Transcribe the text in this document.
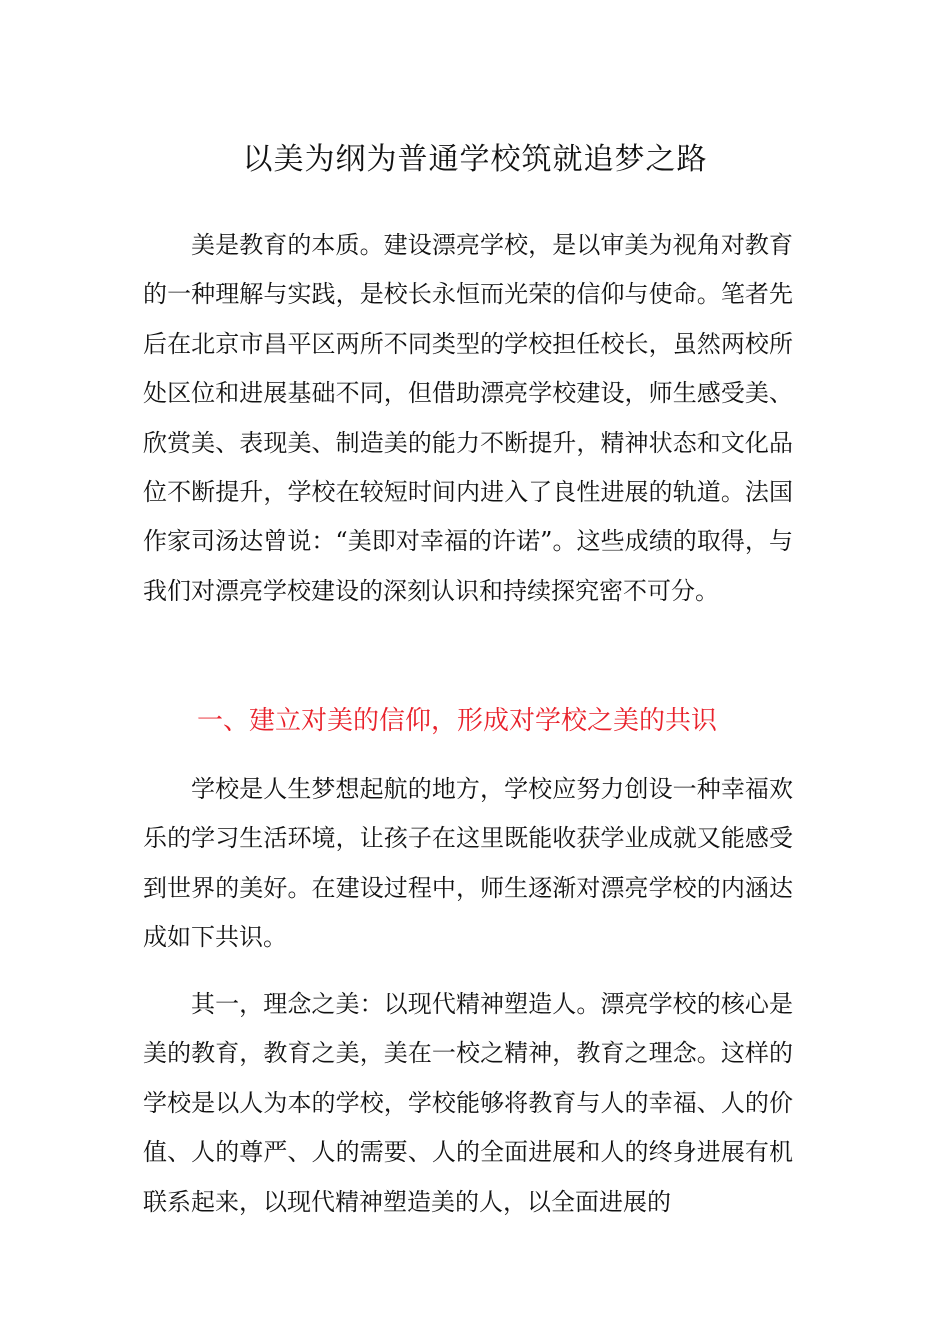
以美为纲为普通学校筑就追梦之路

美是教育的本质。建设漂亮学校，是以审美为视角对教育的一种理解与实践，是校长永恒而光荣的信仰与使命。笔者先后在北京市昌平区两所不同类型的学校担任校长，虽然两校所处区位和进展基础不同，但借助漂亮学校建设，师生感受美、欣赏美、表现美、制造美的能力不断提升，精神状态和文化品位不断提升，学校在较短时间内进入了良性进展的轨道。法国作家司汤达曾说：“美即对幸福的许诺”。这些成绩的取得，与我们对漂亮学校建设的深刻认识和持续探究密不可分。

一、建立对美的信仰，形成对学校之美的共识

学校是人生梦想起航的地方，学校应努力创设一种幸福欢乐的学习生活环境，让孩子在这里既能收获学业成就又能感受到世界的美好。在建设过程中，师生逐渐对漂亮学校的内涵达成如下共识。

其一，理念之美：以现代精神塑造人。漂亮学校的核心是美的教育，教育之美，美在一校之精神，教育之理念。这样的学校是以人为本的学校，学校能够将教育与人的幸福、人的价值、人的尊严、人的需要、人的全面进展和人的终身进展有机联系起来，以现代精神塑造美的人，以全面进展的
